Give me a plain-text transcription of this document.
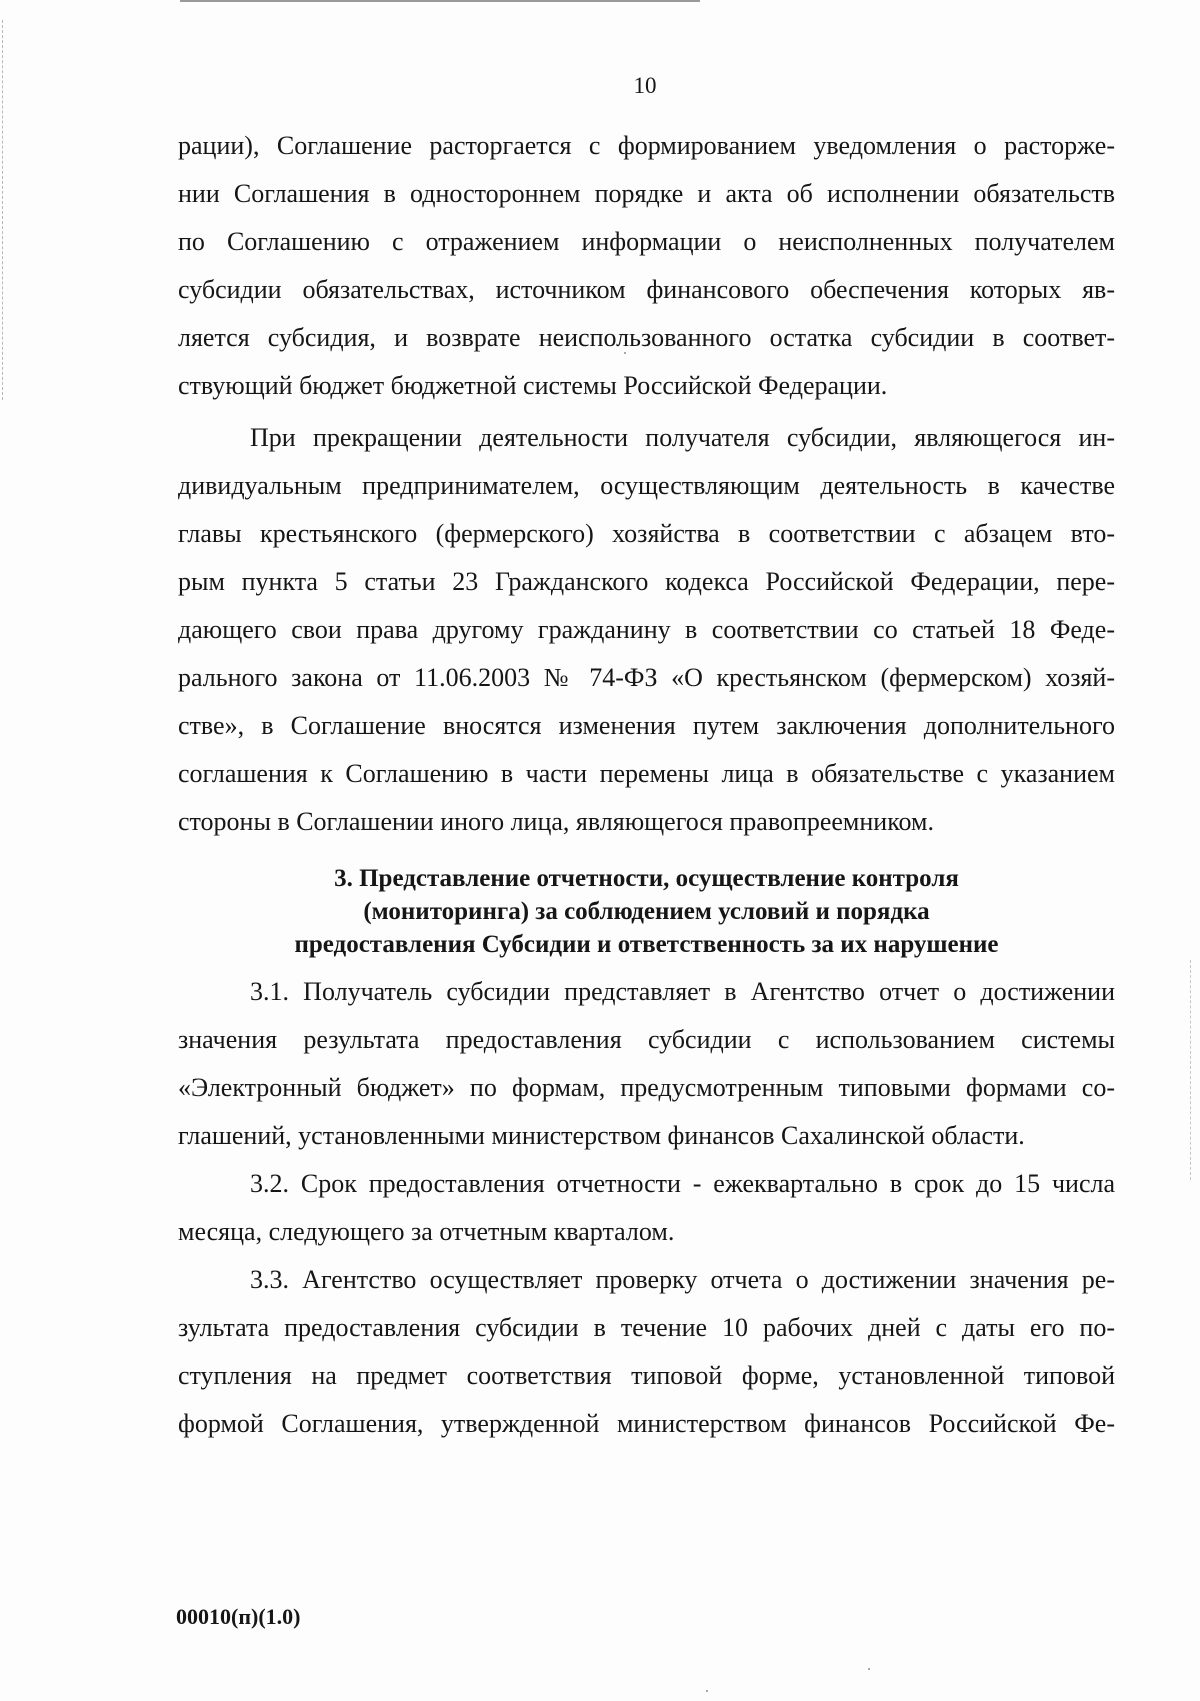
10
рации), Соглашение расторгается с формированием уведомления о расторже-
нии Соглашения в одностороннем порядке и акта об исполнении обязательств
по Соглашению с отражением информации о неисполненных получателем
субсидии обязательствах, источником финансового обеспечения которых яв-
ляется субсидия, и возврате неиспользованного остатка субсидии в соответ-
ствующий бюджет бюджетной системы Российской Федерации.
При прекращении деятельности получателя субсидии, являющегося ин-
дивидуальным предпринимателем, осуществляющим деятельность в качестве
главы крестьянского (фермерского) хозяйства в соответствии с абзацем вто-
рым пункта 5 статьи 23 Гражданского кодекса Российской Федерации, пере-
дающего свои права другому гражданину в соответствии со статьей 18 Феде-
рального закона от 11.06.2003 № 74-ФЗ «О крестьянском (фермерском) хозяй-
стве», в Соглашение вносятся изменения путем заключения дополнительного
соглашения к Соглашению в части перемены лица в обязательстве с указанием
стороны в Соглашении иного лица, являющегося правопреемником.
3. Представление отчетности, осуществление контроля
(мониторинга) за соблюдением условий и порядка
предоставления Субсидии и ответственность за их нарушение
3.1. Получатель субсидии представляет в Агентство отчет о достижении
значения результата предоставления субсидии с использованием системы
«Электронный бюджет» по формам, предусмотренным типовыми формами со-
глашений, установленными министерством финансов Сахалинской области.
3.2. Срок предоставления отчетности - ежеквартально в срок до 15 числа
месяца, следующего за отчетным кварталом.
3.3. Агентство осуществляет проверку отчета о достижении значения ре-
зультата предоставления субсидии в течение 10 рабочих дней с даты его по-
ступления на предмет соответствия типовой форме, установленной типовой
формой Соглашения, утвержденной министерством финансов Российской Фе-
00010(п)(1.0)
